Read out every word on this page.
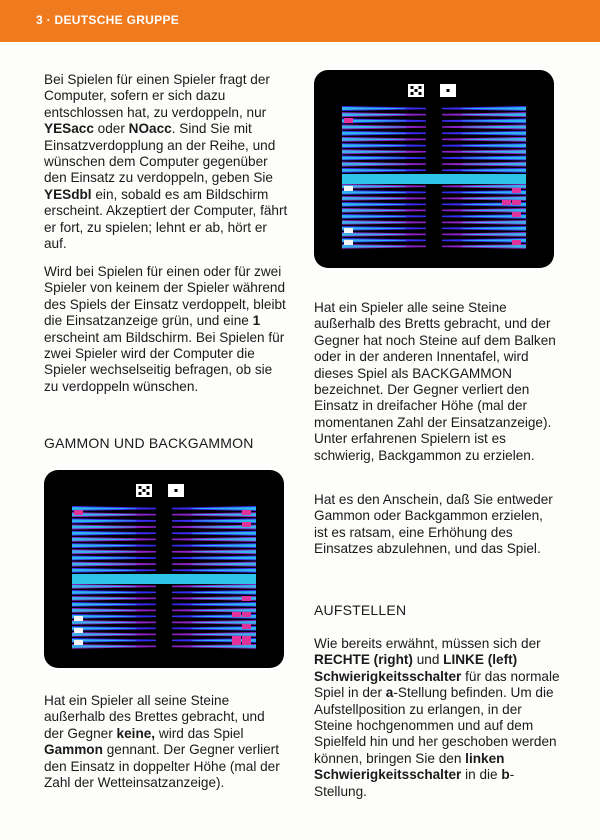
3 · DEUTSCHE GRUPPE
Bei Spielen für einen Spieler fragt der Computer, sofern er sich dazu entschlossen hat, zu verdoppeln, nur YESacc oder NOacc. Sind Sie mit Einsatzverdopplung an der Reihe, und wünschen dem Computer gegenüber den Einsatz zu verdoppeln, geben Sie YESdbl ein, sobald es am Bildschirm erscheint. Akzeptiert der Computer, fährt er fort, zu spielen; lehnt er ab, hört er auf.
Wird bei Spielen für einen oder für zwei Spieler von keinem der Spieler während des Spiels der Einsatz verdoppelt, bleibt die Einsatzanzeige grün, und eine 1 erscheint am Bildschirm. Bei Spielen für zwei Spieler wird der Computer die Spieler wechselseitig befragen, ob sie zu verdoppeln wünschen.
GAMMON UND BACKGAMMON
Hat ein Spieler all seine Steine außerhalb des Brettes gebracht, und der Gegner keine, wird das Spiel Gammon gennant. Der Gegner verliert den Einsatz in doppelter Höhe (mal der Zahl der Wetteinsatzanzeige).
Hat ein Spieler alle seine Steine außerhalb des Bretts gebracht, und der Gegner hat noch Steine auf dem Balken oder in der anderen Innentafel, wird dieses Spiel als BACKGAMMON bezeichnet. Der Gegner verliert den Einsatz in dreifacher Höhe (mal der momentanen Zahl der Einsatzanzeige). Unter erfahrenen Spielern ist es schwierig, Backgammon zu erzielen.
Hat es den Anschein, daß Sie entweder Gammon oder Backgammon erzielen, ist es ratsam, eine Erhöhung des Einsatzes abzulehnen, und das Spiel.
AUFSTELLEN
Wie bereits erwähnt, müssen sich der RECHTE (right) und LINKE (left) Schwierigkeitsschalter für das normale Spiel in der a-Stellung befinden. Um die Aufstellposition zu erlangen, in der Steine hochgenommen und auf dem Spielfeld hin und her geschoben werden können, bringen Sie den linken Schwierigkeitsschalter in die b-Stellung.
